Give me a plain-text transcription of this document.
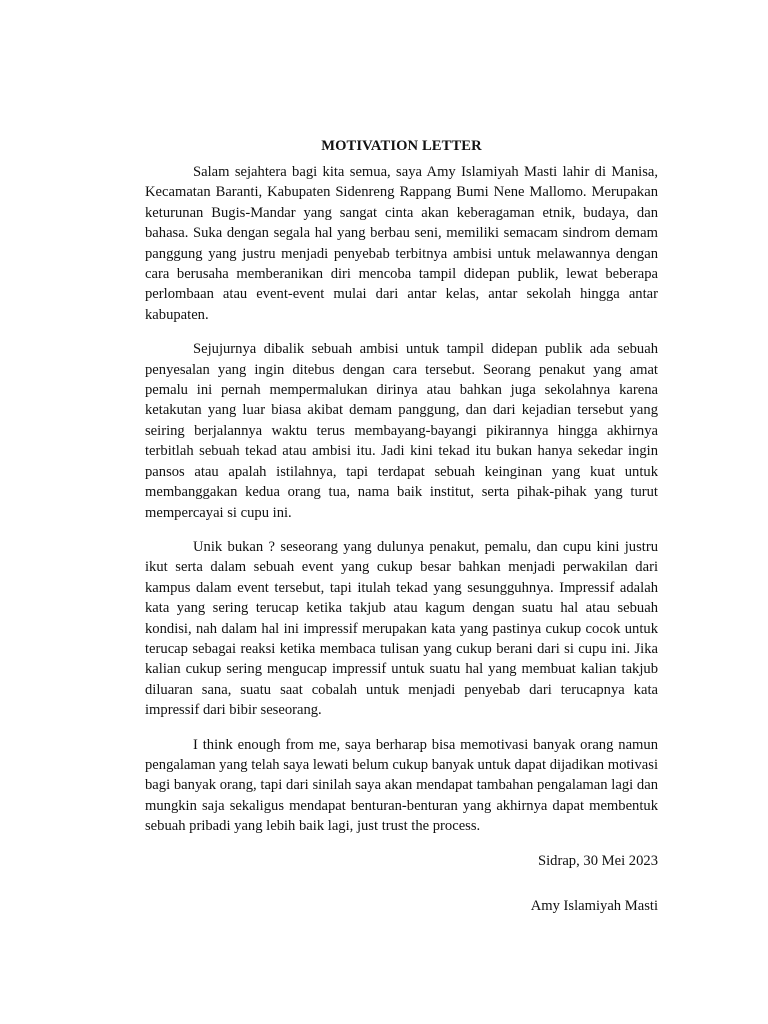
MOTIVATION LETTER

Salam sejahtera bagi kita semua, saya Amy Islamiyah Masti lahir di Manisa, Kecamatan Baranti, Kabupaten Sidenreng Rappang Bumi Nene Mallomo. Merupakan keturunan Bugis-Mandar yang sangat cinta akan keberagaman etnik, budaya, dan bahasa. Suka dengan segala hal yang berbau seni, memiliki semacam sindrom demam panggung yang justru menjadi penyebab terbitnya ambisi untuk melawannya dengan cara berusaha memberanikan diri mencoba tampil didepan publik, lewat beberapa perlombaan atau event-event mulai dari antar kelas, antar sekolah hingga antar kabupaten.

Sejujurnya dibalik sebuah ambisi untuk tampil didepan publik ada sebuah penyesalan yang ingin ditebus dengan cara tersebut. Seorang penakut yang amat pemalu ini pernah mempermalukan dirinya atau bahkan juga sekolahnya karena ketakutan yang luar biasa akibat demam panggung, dan dari kejadian tersebut yang seiring berjalannya waktu terus membayang-bayangi pikirannya hingga akhirnya terbitlah sebuah tekad atau ambisi itu. Jadi kini tekad itu bukan hanya sekedar ingin pansos atau apalah istilahnya, tapi terdapat sebuah keinginan yang kuat untuk membanggakan kedua orang tua, nama baik institut, serta pihak-pihak yang turut mempercayai si cupu ini.

Unik bukan ? seseorang yang dulunya penakut, pemalu, dan cupu kini justru ikut serta dalam sebuah event yang cukup besar bahkan menjadi perwakilan dari kampus dalam event tersebut, tapi itulah tekad yang sesungguhnya. Impressif adalah kata yang sering terucap ketika takjub atau kagum dengan suatu hal atau sebuah kondisi, nah dalam hal ini impressif merupakan kata yang pastinya cukup cocok untuk terucap sebagai reaksi ketika membaca tulisan yang cukup berani dari si cupu ini. Jika kalian cukup sering mengucap impressif untuk suatu hal yang membuat kalian takjub diluaran sana, suatu saat cobalah untuk menjadi penyebab dari terucapnya kata impressif dari bibir seseorang.

I think enough from me, saya berharap bisa memotivasi banyak orang namun pengalaman yang telah saya lewati belum cukup banyak untuk dapat dijadikan motivasi bagi banyak orang, tapi dari sinilah saya akan mendapat tambahan pengalaman lagi dan mungkin saja sekaligus mendapat benturan-benturan yang akhirnya dapat membentuk sebuah pribadi yang lebih baik lagi, just trust the process.

Sidrap, 30 Mei 2023

Amy Islamiyah Masti
